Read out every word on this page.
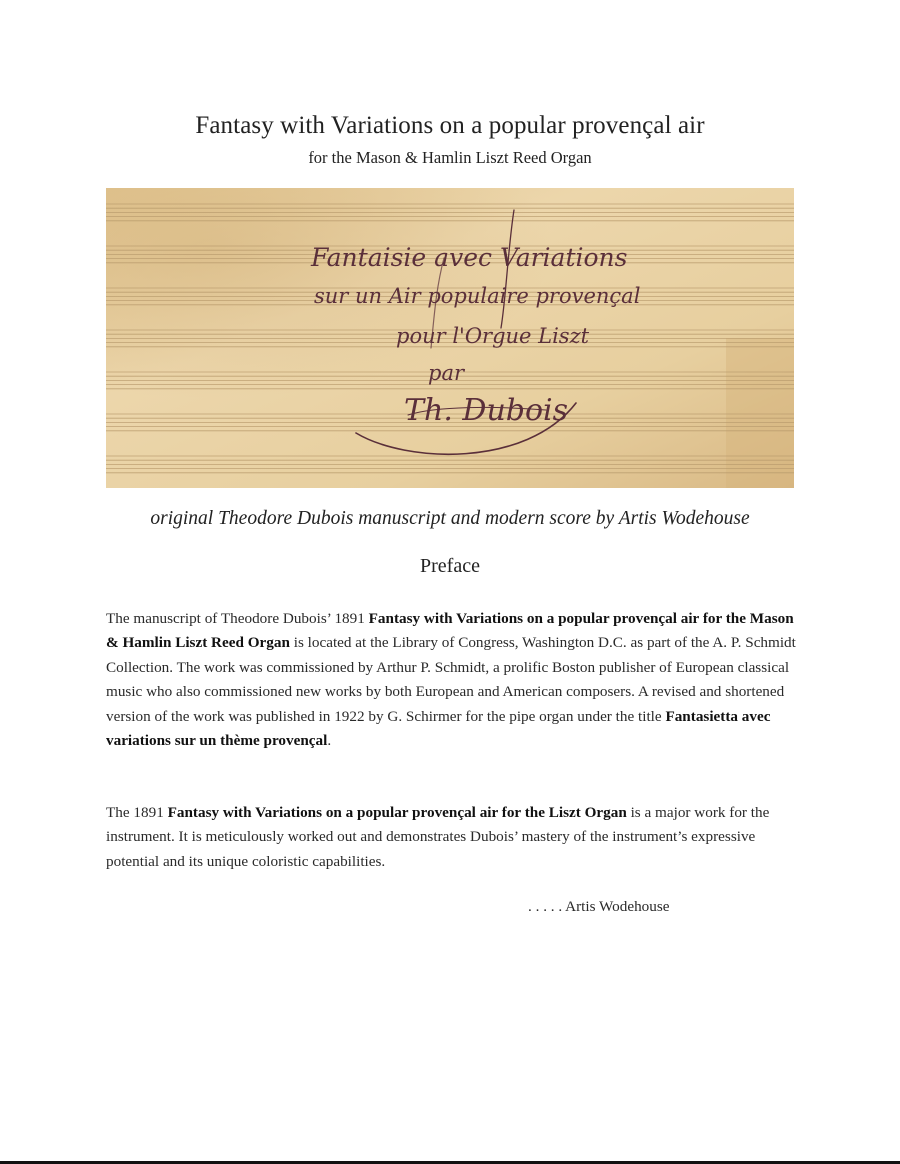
Fantasy with Variations on a popular provençal air
for the Mason & Hamlin Liszt Reed Organ
Fantaisie avec Variations
sur un Air populaire provençal
pour l'Orgue Liszt
par
Th. Dubois
original Theodore Dubois manuscript and modern score by Artis Wodehouse
Preface

The manuscript of Theodore Dubois’ 1891 Fantasy with Variations on a popular provençal air for the Mason & Hamlin Liszt Reed Organ is located at the Library of Congress, Washington D.C. as part of the A. P. Schmidt Collection. The work was commissioned by Arthur P. Schmidt, a prolific Boston publisher of European classical music who also commissioned new works by both European and American composers. A revised and shortened version of the work was published in 1922 by G. Schirmer for the pipe organ under the title Fantasietta avec variations sur un thème provençal.

The 1891 Fantasy with Variations on a popular provençal air for the Liszt Organ is a major work for the instrument. It is meticulously worked out and demonstrates Dubois’ mastery of the instrument’s expressive potential and its unique coloristic capabilities.

. . . . . Artis Wodehouse
